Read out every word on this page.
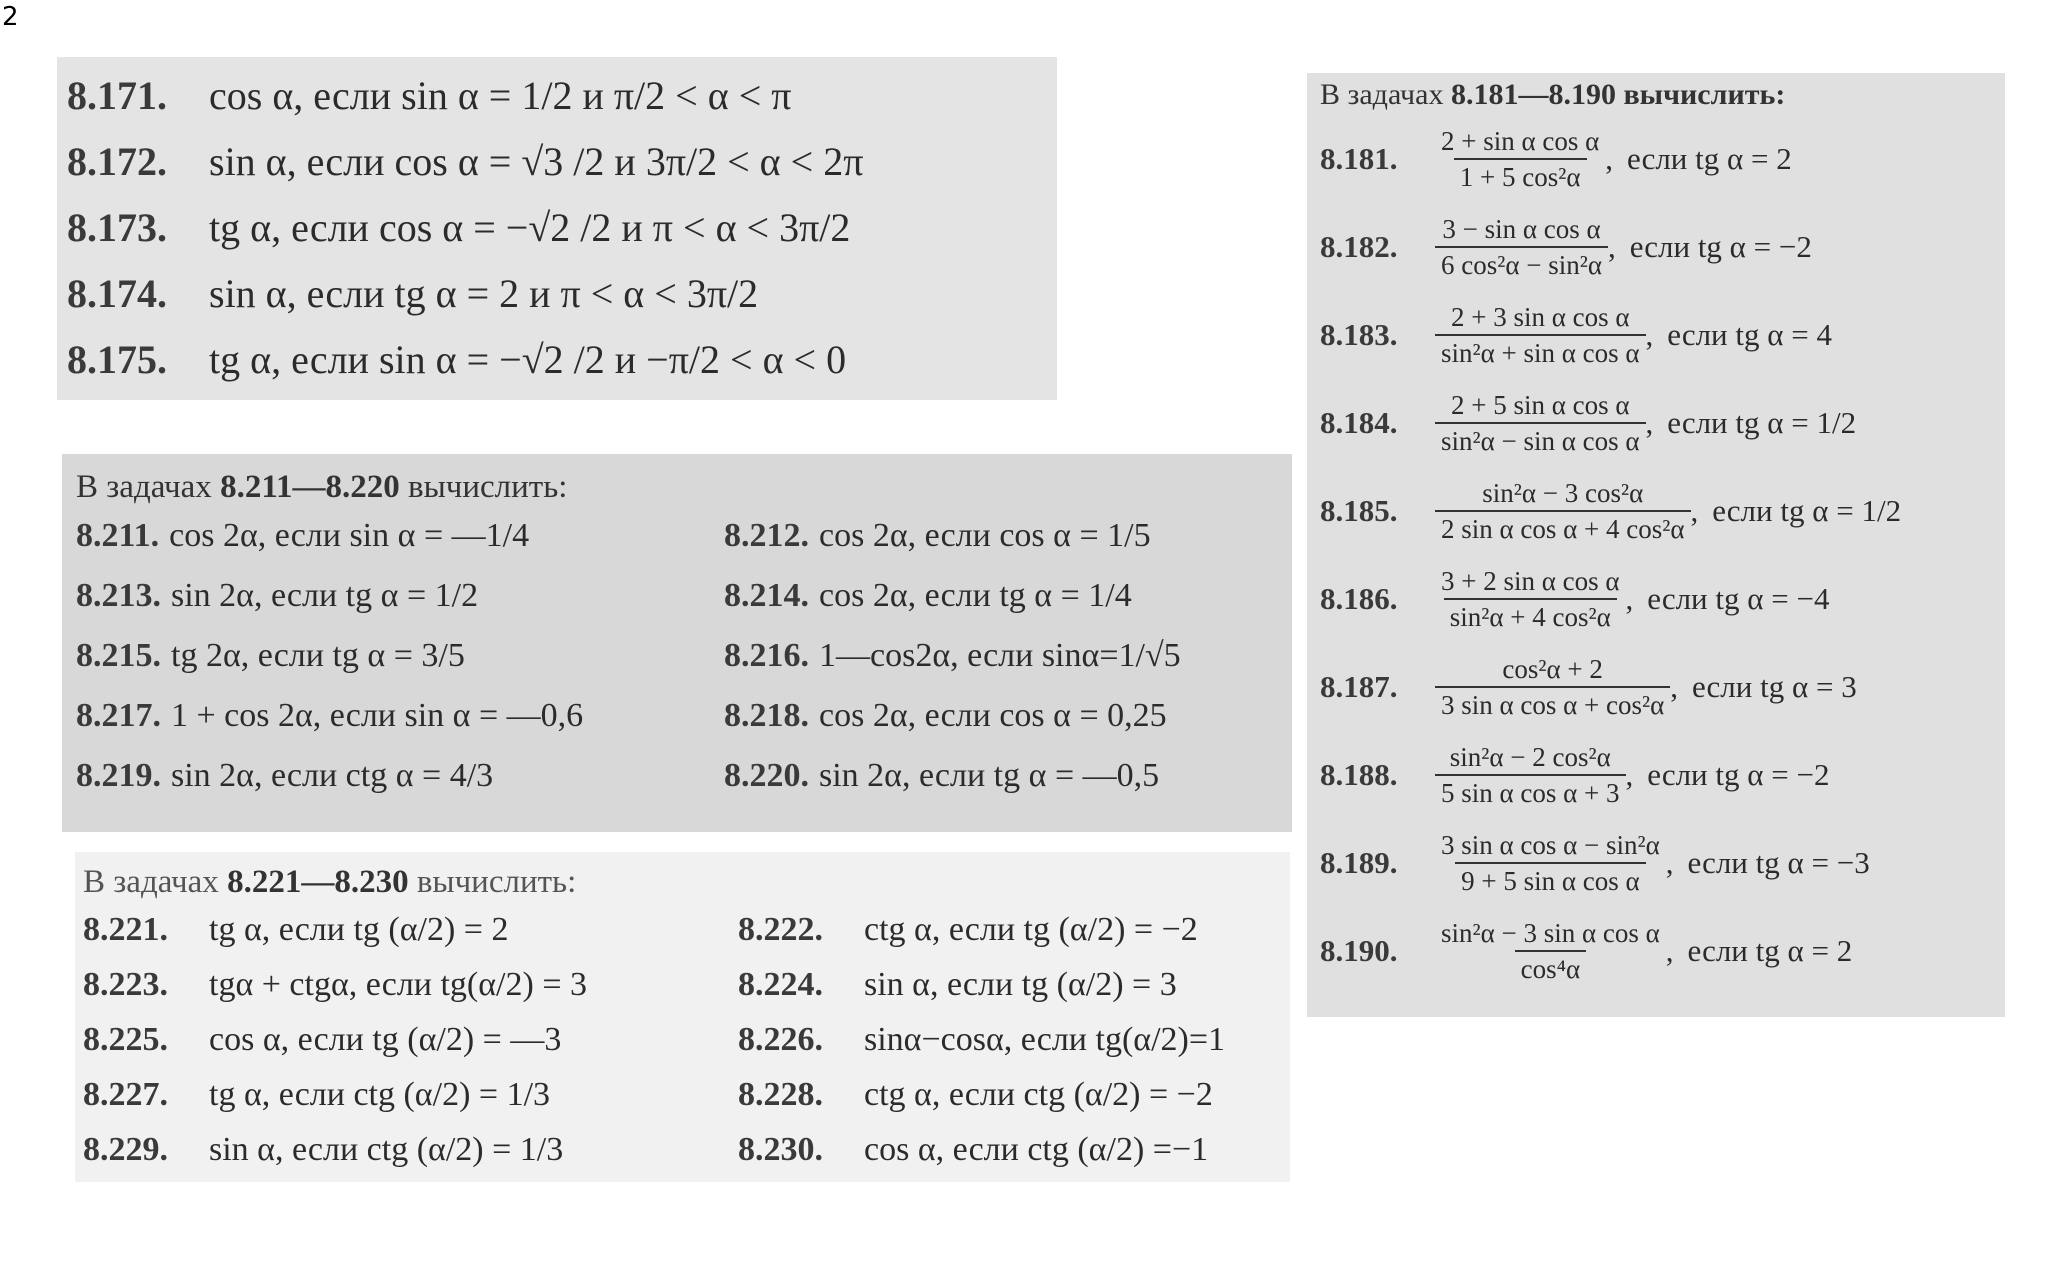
2
8.171. cos α, если sin α = 1/2 и π/2 < α < π
8.172. sin α, если cos α = √3 /2 и 3π/2 < α < 2π
8.173. tg α, если cos α = −√2 /2 и π < α < 3π/2
8.174. sin α, если tg α = 2 и π < α < 3π/2
8.175. tg α, если sin α = −√2 /2 и −π/2 < α < 0
В задачах 8.211—8.220 вычислить:
8.211. cos 2α, если sin α = —1/4	8.212. cos 2α, если cos α = 1/5
8.213. sin 2α, если tg α = 1/2	8.214. cos 2α, если tg α = 1/4
8.215. tg 2α, если tg α = 3/5	8.216. 1—cos2α, если sinα=1/√5
8.217. 1 + cos 2α, если sin α = —0,6	8.218. cos 2α, если cos α = 0,25
8.219. sin 2α, если ctg α = 4/3	8.220. sin 2α, если tg α = —0,5
В задачах 8.221—8.230 вычислить:
8.221.	tg α, если tg (α/2) = 2	8.222.	ctg α, если tg (α/2) = −2
8.223.	tgα + ctgα, если tg(α/2) = 3	8.224.	sin α, если tg (α/2) = 3
8.225.	cos α, если tg (α/2) = —3	8.226.	sinα−cosα, если tg(α/2)=1
8.227.	tg α, если ctg (α/2) = 1/3	8.228.	ctg α, если ctg (α/2) = −2
8.229.	sin α, если ctg (α/2) = 1/3	8.230.	cos α, если ctg (α/2) =−1
В задачах 8.181—8.190 вычислить:
8.181.	$\frac{\text{2 + sin α cos α}}{\text{1 + 5 cos²α}}$ , если tg α = 2
8.182.	$\frac{\text{3 − sin α cos α}}{\text{6 cos²α − sin²α}}$ , если tg α = −2
8.183.	$\frac{\text{2 + 3 sin α cos α}}{\text{sin²α + sin α cos α}}$ , если tg α = 4
8.184.	$\frac{\text{2 + 5 sin α cos α}}{\text{sin²α − sin α cos α}}$ , если tg α = 1/2
8.185.	$\frac{\text{sin²α − 3 cos²α}}{\text{2 sin α cos α + 4 cos²α}}$ , если tg α = 1/2
8.186.	$\frac{\text{3 + 2 sin α cos α}}{\text{sin²α + 4 cos²α}}$ , если tg α = −4
8.187.	$\frac{\text{cos²α + 2}}{\text{3 sin α cos α + cos²α}}$ , если tg α = 3
8.188.	$\frac{\text{sin²α − 2 cos²α}}{\text{5 sin α cos α + 3}}$ , если tg α = −2
8.189.	$\frac{\text{3 sin α cos α − sin²α}}{\text{9 + 5 sin α cos α}}$ , если tg α = −3
8.190.	$\frac{\text{sin²α − 3 sin α cos α}}{\text{cos⁴α}}$ , если tg α = 2
